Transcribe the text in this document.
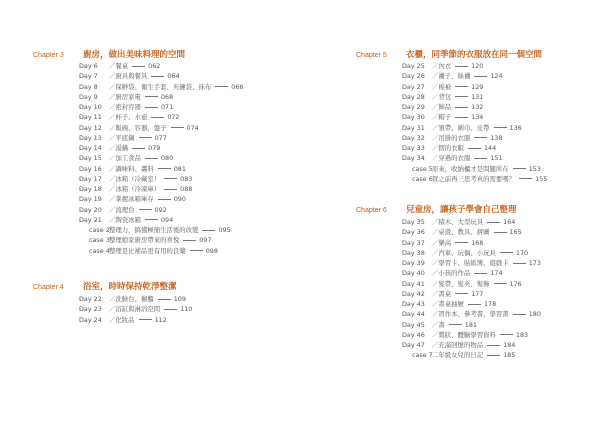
Chapter 3	廚房，做出美味料理的空間
Day 6 ／餐桌	062
Day 7 ／廚具與餐具	064
Day 8 ／保鮮袋、衛生手套、夾鏈袋、抹布	066
Day 9 ／廚房家電	068
Day 10 ／密封容器	071
Day 11 ／杯子、水壺	072
Day 12 ／飯碗、容器、盤子	074
Day 13 ／平底鍋	077
Day 14 ／湯鍋	079
Day 15 ／加工食品	080
Day 16 ／調味料、醬料	081
Day 17 ／冰箱（冷藏室）	083
Day 18 ／冰箱（冷凍庫）	088
Day 19 ／掌握冰箱庫存	090
Day 20 ／流理台	092
Day 21 ／陶瓷冰箱	094
case 2整理力，搞懂極簡生活後的改變	095
case 3整理娘家廚房帶來的喜悅	097
case 4整理是比補品更有用的良藥	098
Chapter 4	浴室，時時保持乾淨整潔
Day 22 ／洗臉台、櫥櫃	109
Day 23 ／浴缸與淋浴空間	110
Day 24 ／化妝品	112
Chapter 5	衣櫃，同季節的衣服放在同一個空間
Day 25 ／內衣	120
Day 26 ／襪子、絲襪	124
Day 27 ／棉被	129
Day 28 ／背包	131
Day 29 ／飾品	132
Day 30 ／帽子	134
Day 31 ／領帶、圍巾、皮帶	136
Day 32 ／吊掛的衣服	138
Day 33 ／摺的衣服	144
Day 34 ／穿過的衣服	151
case 5原來，收納櫃才是問題所在	153
case 6買之前再三思考真的需要嗎？	155
Chapter 6	兒童房，讓孩子學會自己整理
Day 35 ／積木、大型玩具	164
Day 36 ／桌遊、教具、拼圖	165
Day 37 ／樂高	168
Day 38 ／汽車、玩偶、小玩具	170
Day 39 ／學習卡、貼紙簿、遊戲卡	173
Day 40 ／小孩的作品	174
Day 41 ／髮帶、髮夾、髮飾	176
Day 42 ／書桌	177
Day 43 ／書桌抽屜	178
Day 44 ／習作本、參考書、學習書	180
Day 45 ／書	181
Day 46 ／獎狀、體驗學習資料	183
Day 47 ／充滿回憶的物品	184
case 7二年級女兒的日記	185
